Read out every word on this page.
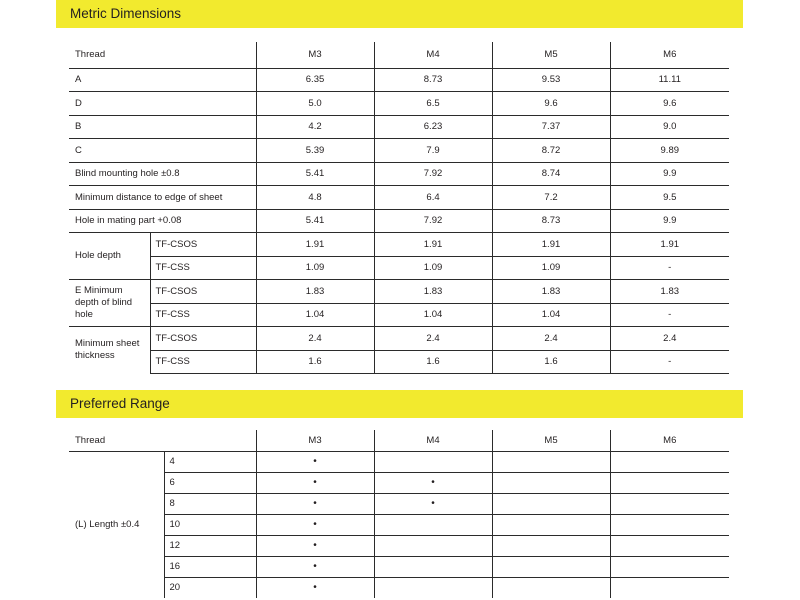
Metric Dimensions
Thread		M3	M4	M5	M6
A		6.35	8.73	9.53	11.11
D		5.0	6.5	9.6	9.6
B		4.2	6.23	7.37	9.0
C		5.39	7.9	8.72	9.89
Blind mounting hole ±0.8		5.41	7.92	8.74	9.9
Minimum distance to edge of sheet		4.8	6.4	7.2	9.5
Hole in mating part +0.08		5.41	7.92	8.73	9.9
Hole depth	TF-CSOS	1.91	1.91	1.91	1.91
	TF-CSS	1.09	1.09	1.09	-
E Minimum depth of blind hole	TF-CSOS	1.83	1.83	1.83	1.83
	TF-CSS	1.04	1.04	1.04	-
Minimum sheet thickness	TF-CSOS	2.4	2.4	2.4	2.4
	TF-CSS	1.6	1.6	1.6	-
Preferred Range
Thread		M3	M4	M5	M6
(L) Length ±0.4	4	•			
	6	•	•		
	8	•	•		
	10	•			
	12	•			
	16	•			
	20	•			
